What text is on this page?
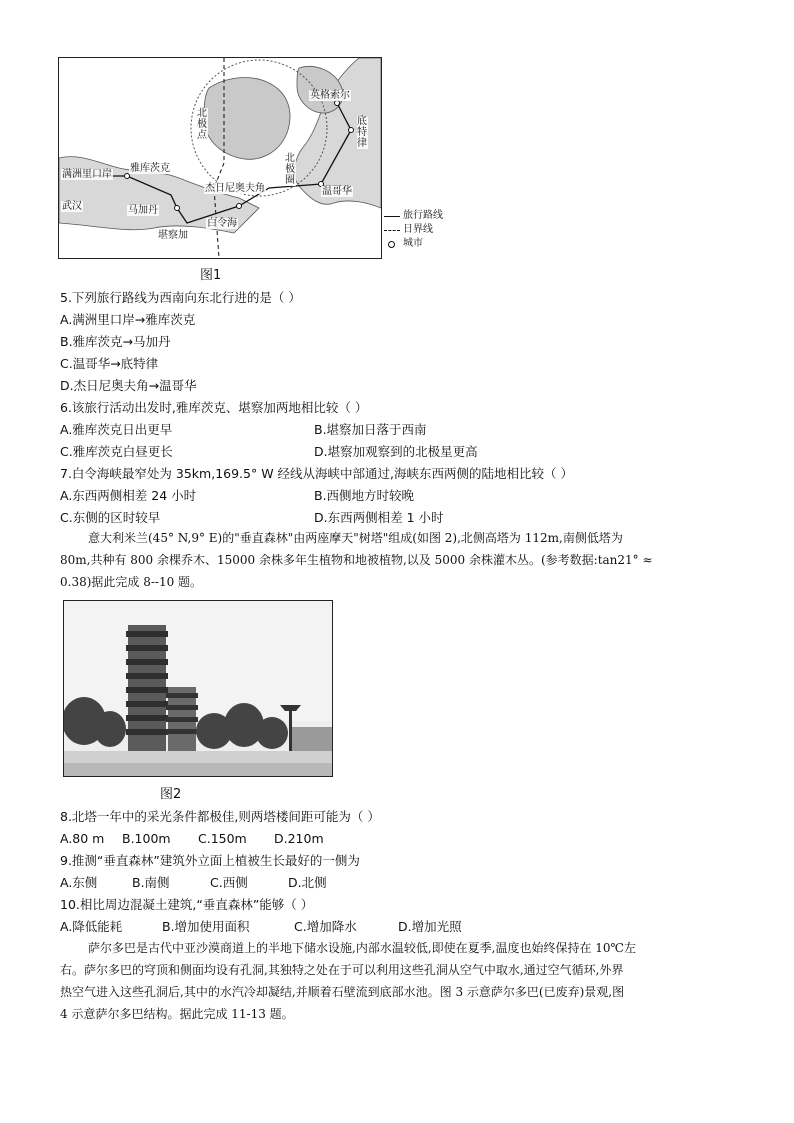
北极点
北极圈
满洲里口岸
雅库茨克
武汉	马加丹
堪察加
杰日尼奥夫角
白令海
温哥华
英格索尔
底特律
旅行路线
日界线
城市
图1
5.下列旅行路线为西南向东北行进的是（ ）
A.满洲里口岸→雅库茨克
B.雅库茨克→马加丹
C.温哥华→底特律
D.杰日尼奥夫角→温哥华
6.该旅行活动出发时,雅库茨克、堪察加两地相比较（ ）
A.雅库茨克日出更早	B.堪察加日落于西南
C.雅库茨克白昼更长	D.堪察加观察到的北极星更高
7.白令海峡最窄处为 35km,169.5° W 经线从海峡中部通过,海峡东西两侧的陆地相比较（ ）
A.东西两侧相差 24 小时	B.西侧地方时较晚
C.东侧的区时较早	D.东西两侧相差 1 小时
意大利米兰(45° N,9° E)的"垂直森林"由两座摩天"树塔"组成(如图 2),北侧高塔为 112m,南侧低塔为
80m,共种有 800 余棵乔木、15000 余株多年生植物和地被植物,以及 5000 余株灌木丛。(参考数据:tan21° ≈
0.38)据此完成 8--10 题。
图2
8.北塔一年中的采光条件都极佳,则两塔楼间距可能为（ ）
A.80 m B.100m C.150m D.210m
9.推测“垂直森林”建筑外立面上植被生长最好的一侧为
A.东侧	B.南侧	C.西侧	D.北侧
10.相比周边混凝土建筑,“垂直森林”能够（ ）
A.降低能耗	B.增加使用面积	C.增加降水	D.增加光照
萨尔多巴是古代中亚沙漠商道上的半地下储水设施,内部水温较低,即使在夏季,温度也始终保持在 10℃左
右。萨尔多巴的穹顶和侧面均设有孔洞,其独特之处在于可以利用这些孔洞从空气中取水,通过空气循环,外界
热空气进入这些孔洞后,其中的水汽冷却凝结,并顺着石壁流到底部水池。图 3 示意萨尔多巴(已废弃)景观,图
4 示意萨尔多巴结构。据此完成 11-13 题。
